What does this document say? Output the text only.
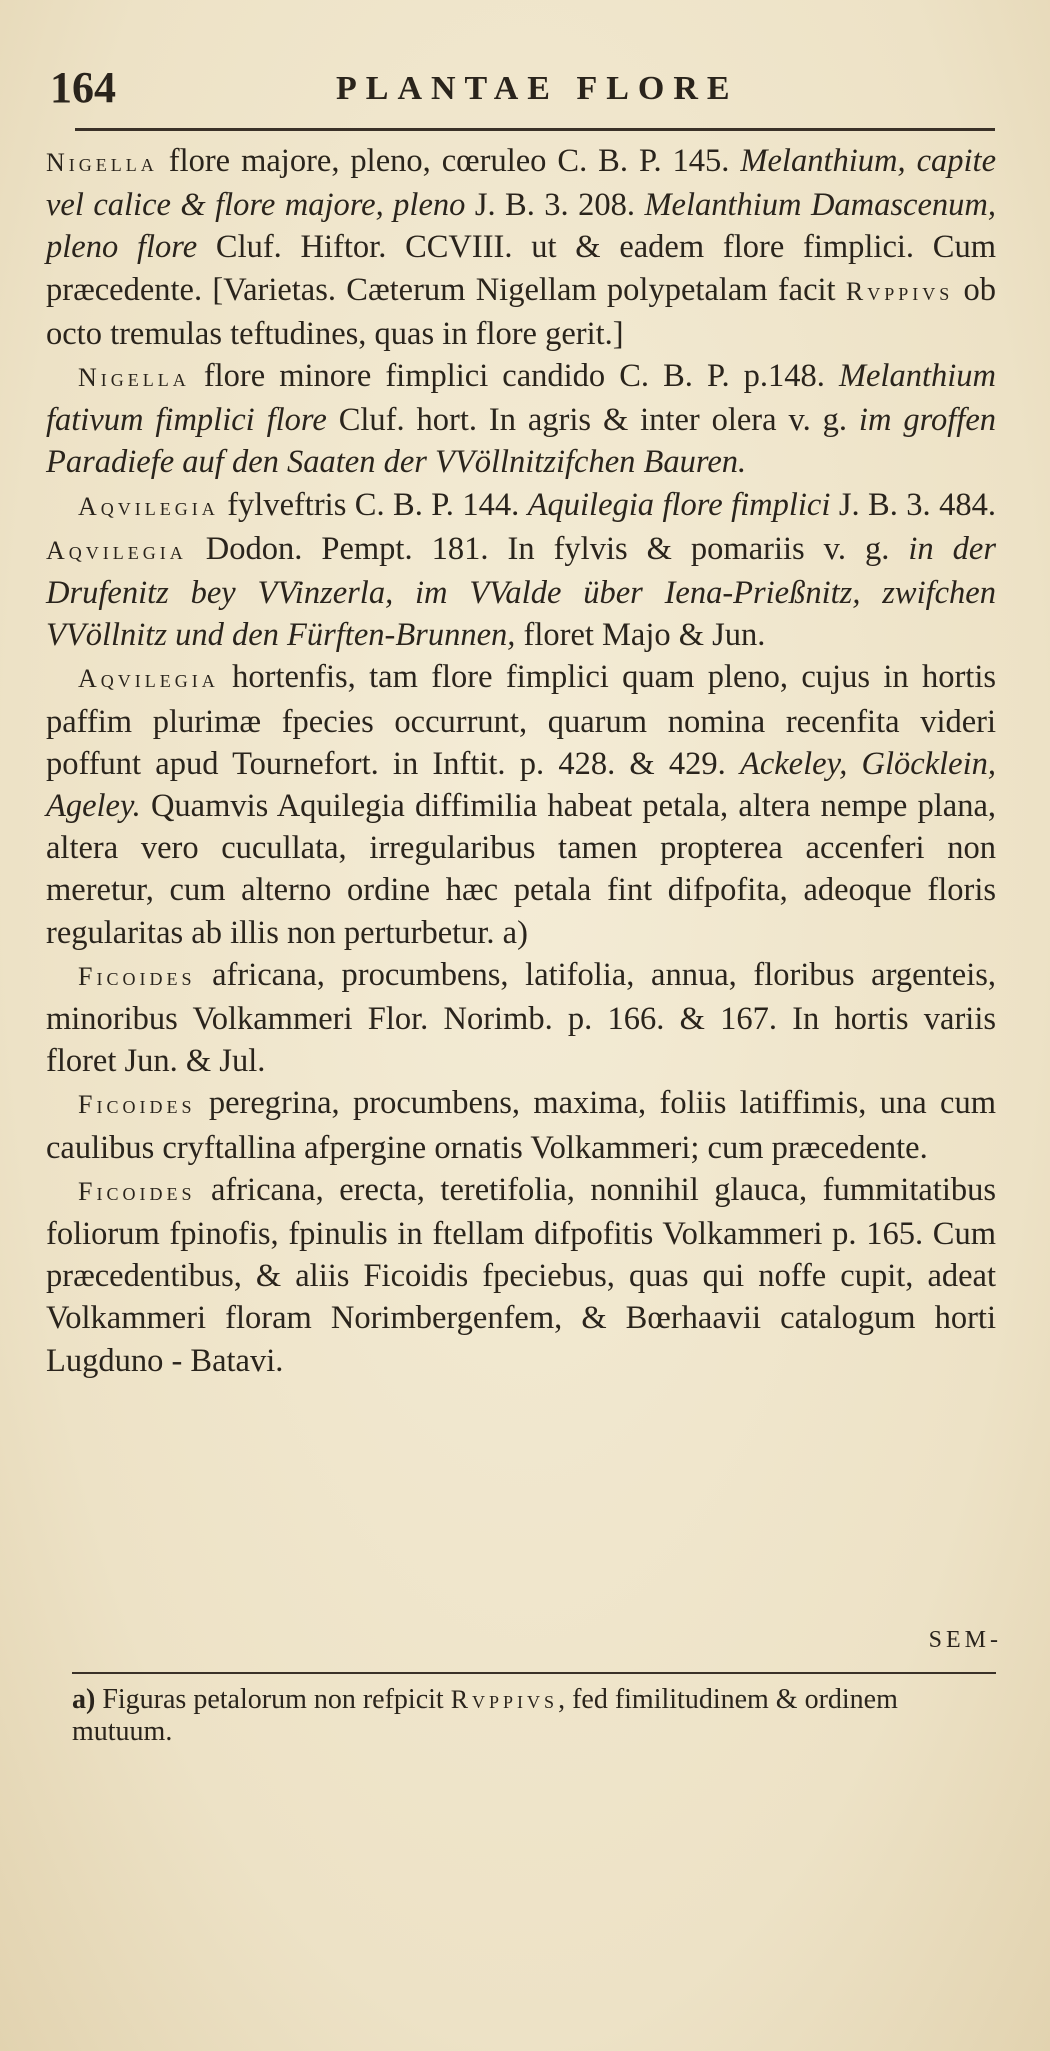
164	PLANTAE FLORE

Nigella flore majore, pleno, cœruleo C. B. P. 145. Melanthium, capite vel calice & flore majore, pleno J. B. 3. 208. Melanthium Damascenum, pleno flore Cluf. Hiftor. CCVIII. ut & eadem flore fimplici. Cum præcedente. [Varietas. Cæterum Nigellam polypetalam facit Rvppivs ob octo tremulas teftudines, quas in flore gerit.]

Nigella flore minore fimplici candido C. B. P. p.148. Melanthium fativum fimplici flore Cluf. hort. In agris & inter olera v. g. im groffen Paradiefe auf den Saaten der VVöllnitzifchen Bauren.

Aqvilegia fylveftris C. B. P. 144. Aquilegia flore fimplici J. B. 3. 484. Aqvilegia Dodon. Pempt. 181. In fylvis & pomariis v. g. in der Drufenitz bey VVinzerla, im VValde über Iena-Prießnitz, zwifchen VVöllnitz und den Fürften-Brunnen, floret Majo & Jun.

Aqvilegia hortenfis, tam flore fimplici quam pleno, cujus in hortis paffim plurimæ fpecies occurrunt, quarum nomina recenfita videri poffunt apud Tournefort. in Inftit. p. 428. & 429. Ackeley, Glöcklein, Ageley. Quamvis Aquilegia diffimilia habeat petala, altera nempe plana, altera vero cucullata, irregularibus tamen propterea accenferi non meretur, cum alterno ordine hæc petala fint difpofita, adeoque floris regularitas ab illis non perturbetur. a)

Ficoides africana, procumbens, latifolia, annua, floribus argenteis, minoribus Volkammeri Flor. Norimb. p. 166. & 167. In hortis variis floret Jun. & Jul.

Ficoides peregrina, procumbens, maxima, foliis latiffimis, una cum caulibus cryftallina afpergine ornatis Volkammeri; cum præcedente.

Ficoides africana, erecta, teretifolia, nonnihil glauca, fummitatibus foliorum fpinofis, fpinulis in ftellam difpofitis Volkammeri p. 165. Cum præcedentibus, & aliis Ficoidis fpeciebus, quas qui noffe cupit, adeat Volkammeri floram Norimbergenfem, & Bœrhaavii catalogum horti Lugduno - Batavi.

SEM-
a) Figuras petalorum non refpicit Rvppivs, fed fimilitudinem & ordinem mutuum.
